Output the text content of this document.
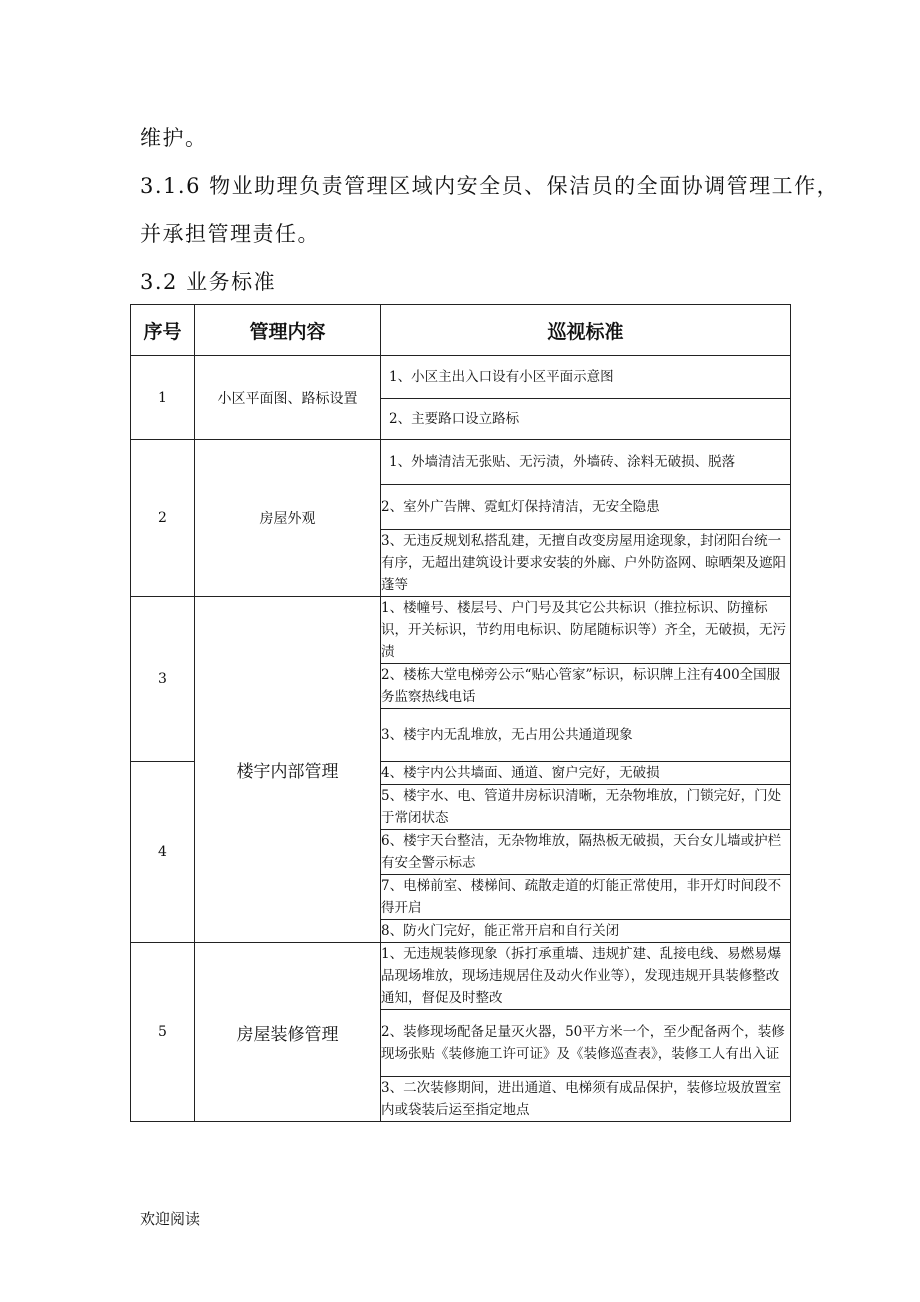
维护。
3.1.6 物业助理负责管理区域内安全员、保洁员的全面协调管理工作，
并承担管理责任。
3.2 业务标准
序号	管理内容	巡视标准
1	小区平面图、路标设置	1、小区主出入口设有小区平面示意图
		2、主要路口设立路标
2	房屋外观	1、外墙清洁无张贴、无污渍，外墙砖、涂料无破损、脱落
		2、室外广告牌、霓虹灯保持清洁，无安全隐患
		3、无违反规划私搭乱建，无擅自改变房屋用途现象，封闭阳台统一有序，无超出建筑设计要求安装的外廊、户外防盗网、晾晒架及遮阳蓬等
3	楼宇内部管理	1、楼幢号、楼层号、户门号及其它公共标识（推拉标识、防撞标识，开关标识，节约用电标识、防尾随标识等）齐全，无破损，无污渍
		2、楼栋大堂电梯旁公示“贴心管家”标识，标识牌上注有400全国服务监察热线电话
		3、楼宇内无乱堆放，无占用公共通道现象
4		4、楼宇内公共墙面、通道、窗户完好，无破损
		5、楼宇水、电、管道井房标识清晰，无杂物堆放，门锁完好，门处于常闭状态
		6、楼宇天台整洁，无杂物堆放，隔热板无破损，天台女儿墙或护栏有安全警示标志
		7、电梯前室、楼梯间、疏散走道的灯能正常使用，非开灯时间段不得开启
		8、防火门完好，能正常开启和自行关闭
5	房屋装修管理	1、无违规装修现象（拆打承重墙、违规扩建、乱接电线、易燃易爆品现场堆放，现场违规居住及动火作业等），发现违规开具装修整改通知，督促及时整改
		2、装修现场配备足量灭火器，50平方米一个，至少配备两个，装修现场张贴《装修施工许可证》及《装修巡查表》，装修工人有出入证
		3、二次装修期间，进出通道、电梯须有成品保护，装修垃圾放置室内或袋装后运至指定地点
欢迎阅读
